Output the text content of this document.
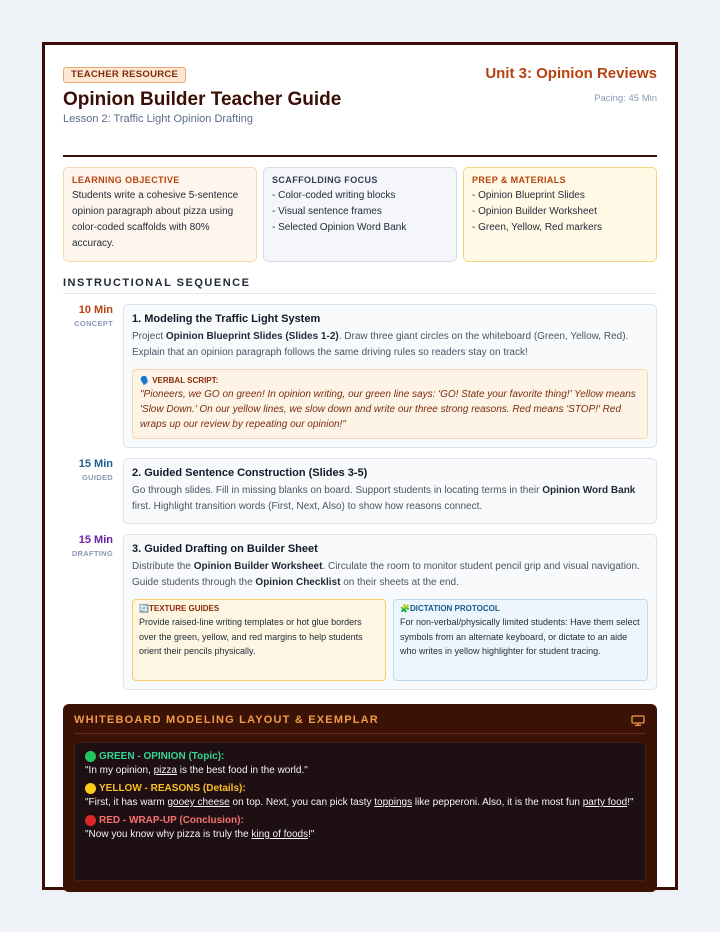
TEACHER RESOURCE
Opinion Builder Teacher Guide
Lesson 2: Traffic Light Opinion Drafting
Unit 3: Opinion Reviews
Pacing: 45 Min
LEARNING OBJECTIVE

Students write a cohesive 5-sentence opinion paragraph about pizza using color-coded scaffolds with 80% accuracy.

SCAFFOLDING FOCUS
- Color-coded writing blocks
- Visual sentence frames
- Selected Opinion Word Bank
PREP & MATERIALS
- Opinion Blueprint Slides
- Opinion Builder Worksheet
- Green, Yellow, Red markers
INSTRUCTIONAL SEQUENCE
10 Min
CONCEPT 1. Modeling the Traffic Light System

Project Opinion Blueprint Slides (Slides 1-2). Draw three giant circles on the whiteboard (Green, Yellow, Red). Explain that an opinion paragraph follows the same driving rules so readers stay on track!

🗣️ VERBAL SCRIPT:
"Pioneers, we GO on green! In opinion writing, our green line says: 'GO! State your favorite thing!' Yellow means 'Slow Down.' On our yellow lines, we slow down and write our three strong reasons. Red means 'STOP!' Red wraps up our review by repeating our opinion!"
15 Min
GUIDED 2. Guided Sentence Construction (Slides 3-5)

Go through slides. Fill in missing blanks on board. Support students in locating terms in their Opinion Word Bank first. Highlight transition words (First, Next, Also) to show how reasons connect.

15 Min
DRAFTING 3. Guided Drafting on Builder Sheet

Distribute the Opinion Builder Worksheet. Circulate the room to monitor student pencil grip and visual navigation. Guide students through the Opinion Checklist on their sheets at the end.

🔄TEXTURE GUIDES

Provide raised-line writing templates or hot glue borders over the green, yellow, and red margins to help students orient their pencils physically.

🧩DICTATION PROTOCOL

For non-verbal/physically limited students: Have them select symbols from an alternate keyboard, or dictate to an aide who writes in yellow highlighter for student tracing.

WHITEBOARD MODELING LAYOUT & EXEMPLAR
GREEN - OPINION (Topic):
"In my opinion, pizza is the best food in the world."
YELLOW - REASONS (Details):
"First, it has warm gooey cheese on top. Next, you can pick tasty toppings like pepperoni. Also, it is the most fun party food!"
RED - WRAP-UP (Conclusion):
"Now you know why pizza is truly the king of foods!"
